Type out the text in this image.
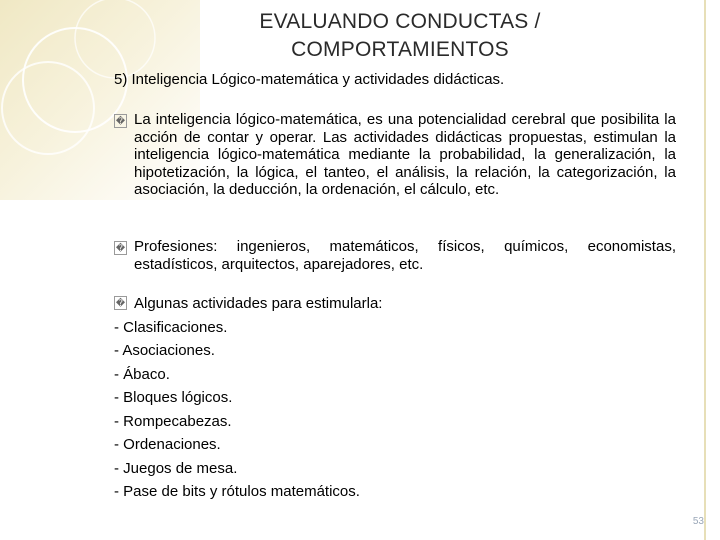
EVALUANDO CONDUCTAS /
COMPORTAMIENTOS
5) Inteligencia Lógico-matemática y actividades didácticas.
� La inteligencia lógico-matemática, es una potencialidad cerebral que posibilita la acción de contar y operar. Las actividades didácticas propuestas, estimulan la inteligencia lógico-matemática mediante la probabilidad, la generalización, la hipotetización, la lógica, el tanteo, el análisis, la relación, la categorización, la asociación, la deducción, la ordenación, el cálculo, etc.
� Profesiones: ingenieros, matemáticos, físicos, químicos, economistas, estadísticos, arquitectos, aparejadores, etc.
� Algunas actividades para estimularla:
- Clasificaciones.
- Asociaciones.
- Ábaco.
- Bloques lógicos.
- Rompecabezas.
- Ordenaciones.
- Juegos de mesa.
- Pase de bits y rótulos matemáticos.
53
